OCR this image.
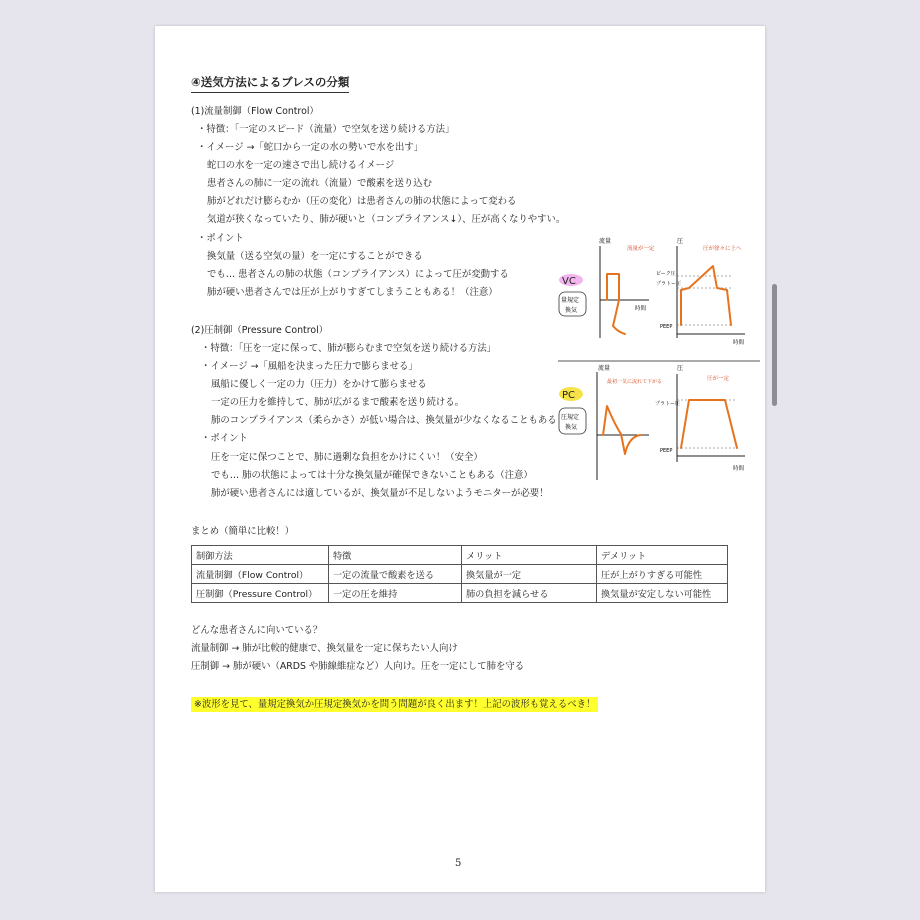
④送気方法によるブレスの分類
(1)流量制御（Flow Control）
・特徴：「一定のスピード（流量）で空気を送り続ける方法」
・イメージ →「蛇口から一定の水の勢いで水を出す」
蛇口の水を一定の速さで出し続けるイメージ
患者さんの肺に一定の流れ（流量）で酸素を送り込む
肺がどれだけ膨らむか（圧の変化）は患者さんの肺の状態によって変わる
気道が狭くなっていたり、肺が硬いと（コンプライアンス↓）、圧が高くなりやすい。
・ポイント
換気量（送る空気の量）を一定にすることができる
でも… 患者さんの肺の状態（コンプライアンス）によって圧が変動する
肺が硬い患者さんでは圧が上がりすぎてしまうこともある！（注意）
(2)圧制御（Pressure Control）
・特徴：「圧を一定に保って、肺が膨らむまで空気を送り続ける方法」
・イメージ →「風船を決まった圧力で膨らませる」
風船に優しく一定の力（圧力）をかけて膨らませる
一定の圧力を維持して、肺が広がるまで酸素を送り続ける。
肺のコンプライアンス（柔らかさ）が低い場合は、換気量が少なくなることもある
・ポイント
圧を一定に保つことで、肺に過剰な負担をかけにくい！（安全）
でも… 肺の状態によっては十分な換気量が確保できないこともある（注意）
肺が硬い患者さんには適しているが、換気量が不足しないようモニターが必要！
まとめ（簡単に比較！）
制御方法	特徴	メリット	デメリット
流量制御（Flow Control）	一定の流量で酸素を送る	換気量が一定	圧が上がりすぎる可能性
圧制御（Pressure Control）	一定の圧を維持	肺の負担を減らせる	換気量が安定しない可能性
どんな患者さんに向いている？
流量制御 → 肺が比較的健康で、換気量を一定に保ちたい人向け
圧制御 → 肺が硬い（ARDS や肺線維症など）人向け。圧を一定にして肺を守る
※波形を見て、量規定換気か圧規定換気かを問う問題が良く出ます！上記の波形も覚えるべき！
5
VC
量規定
換気
PC
圧規定
換気
流量
流量が一定
時間
圧
圧が徐々に上へ
ピーク圧
プラトー圧
PEEP
時間
流量
最初一気に流れて下がる
圧
圧が一定
プラトー圧
PEEP
時間
